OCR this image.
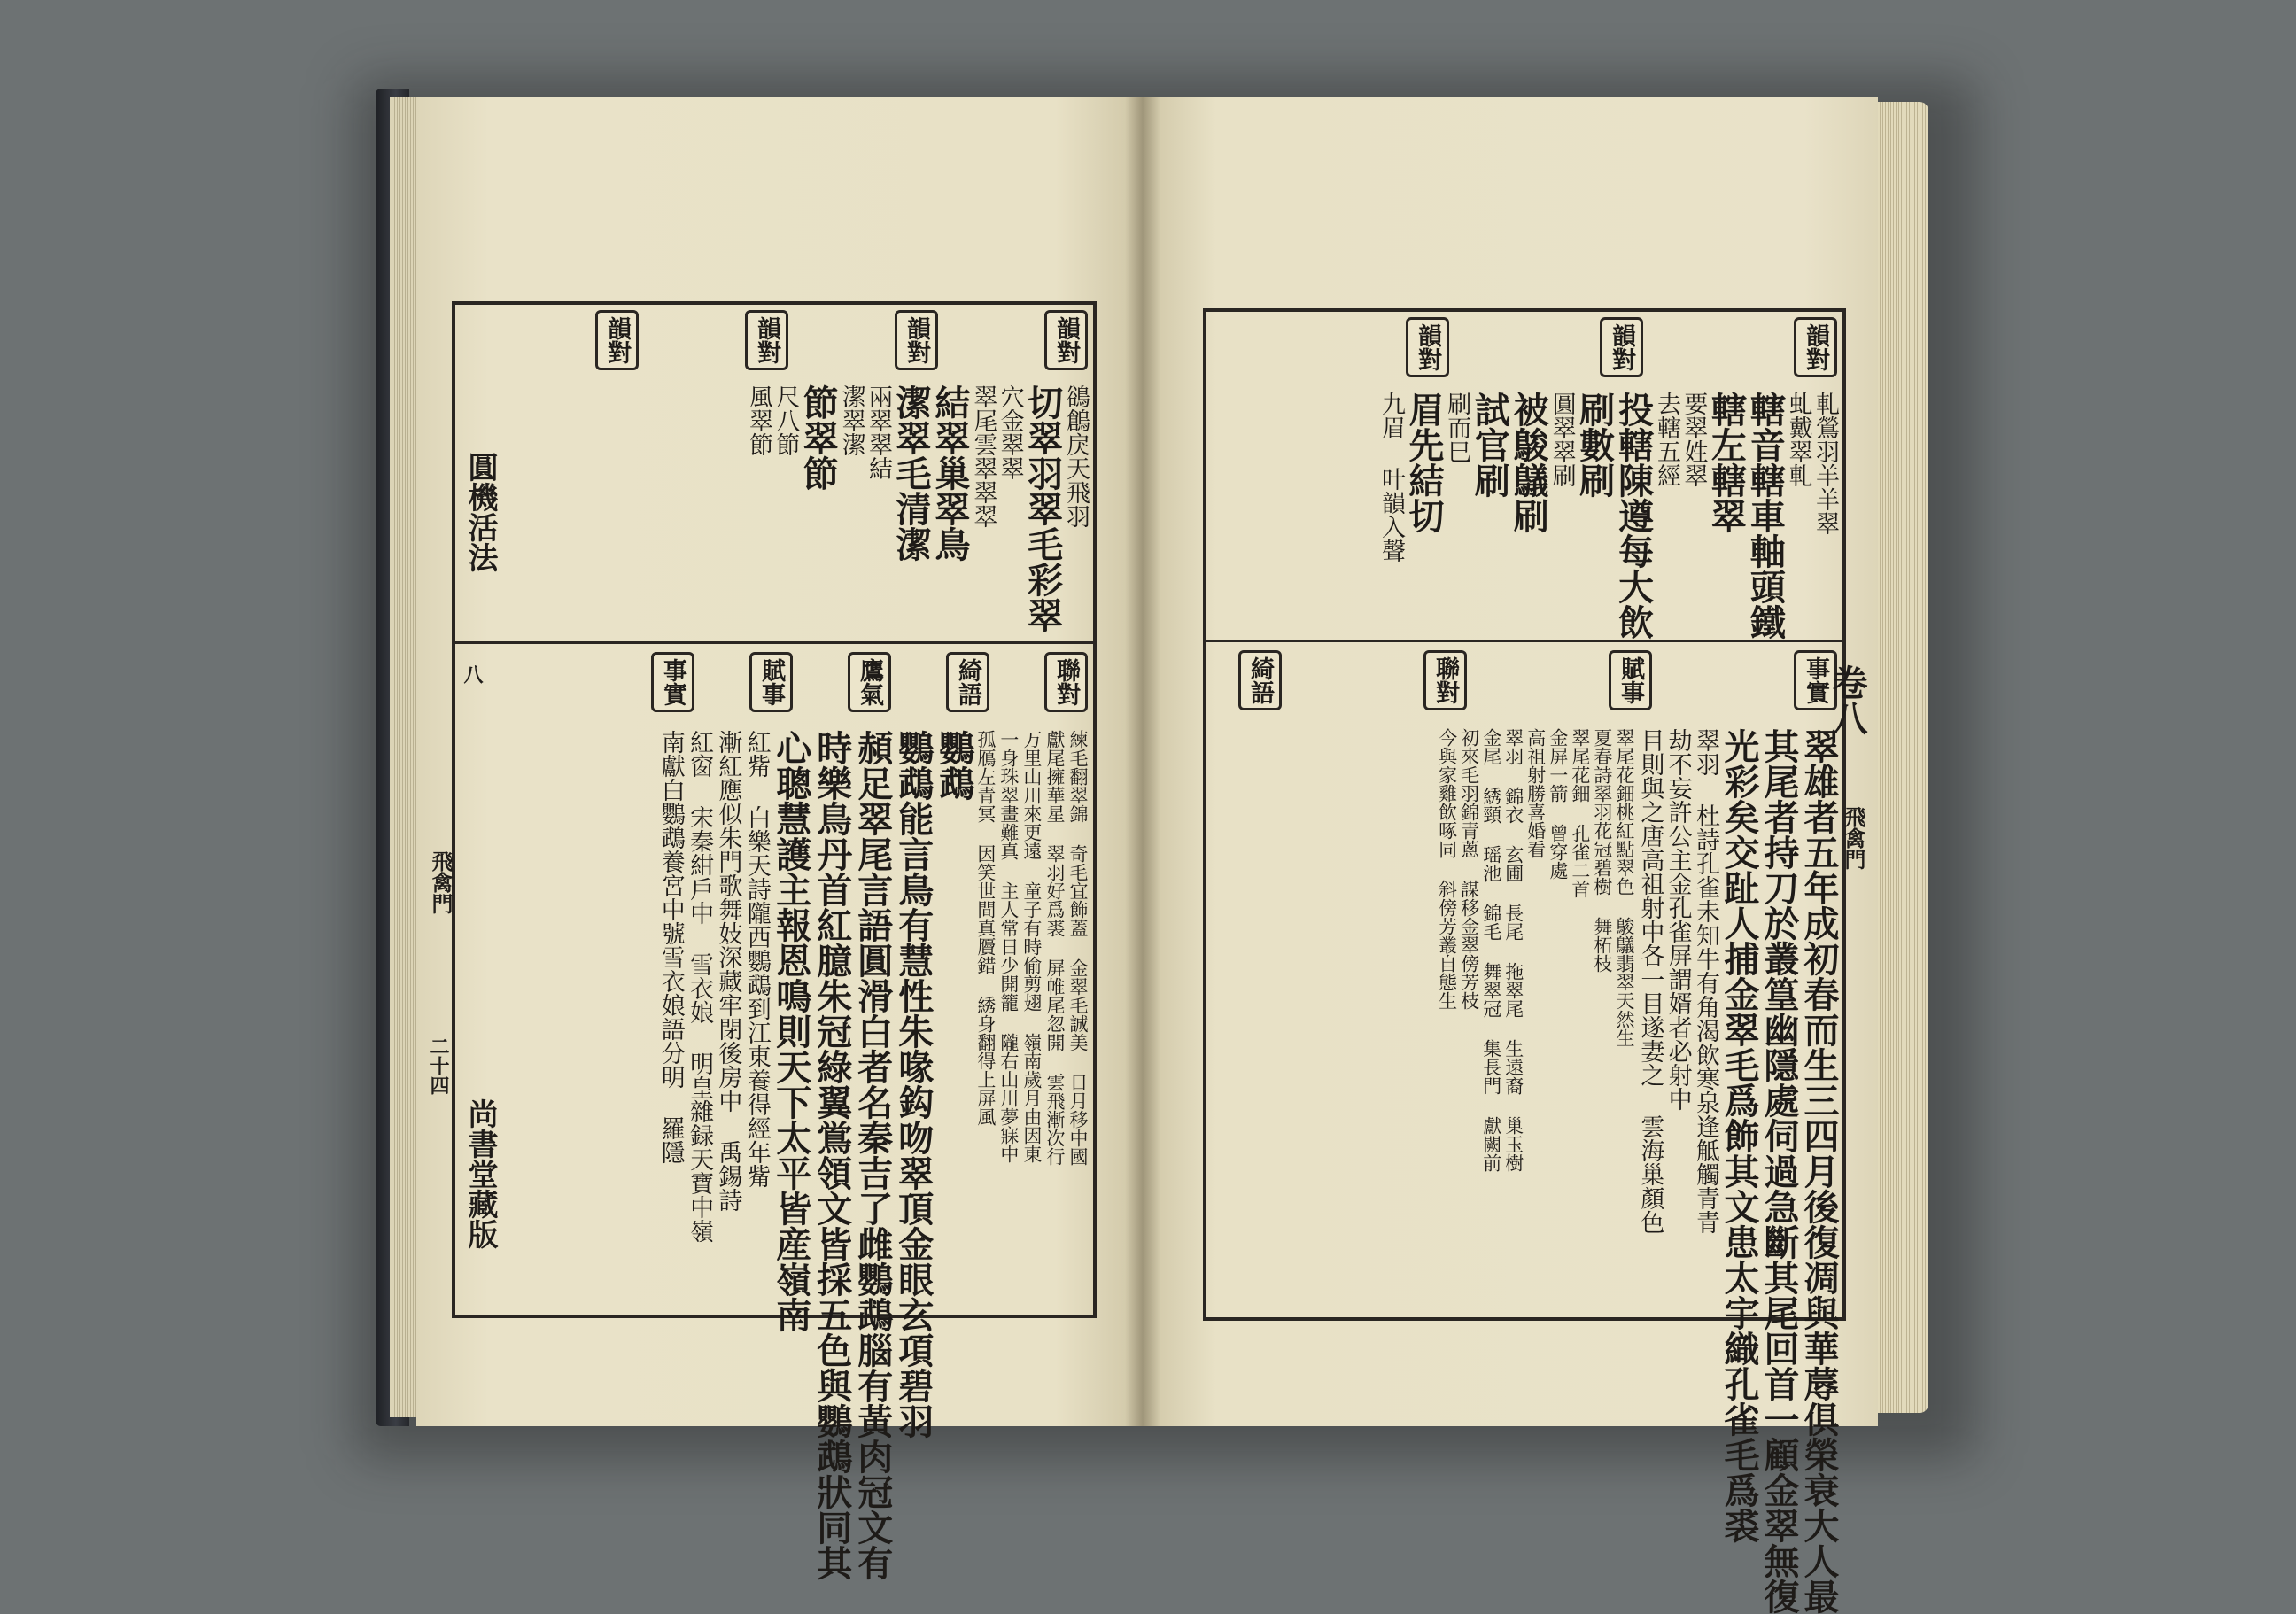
韻對
韻對
韻對
韻對
鵒鶬戾天飛羽
切翠羽翠毛彩翠
穴金翠翠
翠尾雲翠翠翠
結翠巢翠鳥
潔翠毛清潔
兩翠翠結
潔翠潔
節翠節
尺八節
風翠節
聯對
綺語
鷹氣
賦事
事實
練毛翻翠錦 奇毛宜飾蓋 金翠毛誠美 日月移中國
獻尾擁華星 翠羽好爲裘 屏帷尾忽開 雲飛漸次行
万里山川來更遠 童子有時偷剪翅 嶺南歲月由因東
一身珠翠畫難真 主人常日少開籠 隴右山川夢寐中
孤鴈左青冥 因笑世間真贗錯 綉身翻得上屏風
鸚鵡
鸚鵡能言鳥有慧性朱喙鈎吻翠頂金眼玄項碧羽
頳足翠尾言語圓滑白者名秦吉了雌鸚鵡腦有黃肉冠文有
時樂鳥丹首紅臆朱冠綠翼鴬領文皆採五色與鸚鵡狀同其
心聰慧護主報恩鳴則天下太平皆産嶺南
紅觜 白樂天詩隴西鸚鵡到江東養得經年觜
漸紅應似朱門歌舞妓深藏牢閉後房中 禹錫詩
紅窗 宋秦紺戶中 雪衣娘 明皇雜録天寶中嶺
南獻白鸚鵡養宮中號雪衣娘語分明 羅隱
圓機活法
八
飛禽門
二十四
尚書堂藏版
韻對
韻對
韻對
軋鶯羽羊羊翠
虬戴翠軋
轄音轄車軸頭鐵
轄左轄翠
要翠姓翠
去轄五經
投轄陳遵每大飲
刷數刷
圓翠翠刷
被鵔鸃刷
試官刷
刷而巳
眉先結切
九眉 叶韻入聲
事實
賦事
聯對
綺語
翠雄者五年成初春而生三四月後復凋與華蓐俱榮衰大人最
其尾者持刀於叢篁幽隱處伺過急斷其尾回首一顧金翠無復
光彩矣交趾人捕金翠毛爲飾其文患太宇織孔雀毛爲裘
翠羽 杜詩孔雀未知牛有角渴飲寒泉逢觝觸青青
劫不妄許公主金孔雀屏謂婿者必射中
目則與之唐高祖射中各一目遂妻之 雲海巢顏色
翠尾花鈿桃紅點翠色 鵔鸃翡翠天然生
夏春詩翠羽花冠碧樹 舞柘枝
翠尾花鈿 孔雀二首
金屏一箭 曾穿處
高祖射勝喜婚看
翠羽 錦衣 玄圃 長尾 拖翠尾 生遠裔 巢玉樹
金尾 綉頸 瑶池 錦毛 舞翠冠 集長門 獻闕前
初來毛羽錦青蔥 謀移金翠傍芳枝
今與家雞飲啄同 斜傍芳叢自態生
卷八
飛禽門
